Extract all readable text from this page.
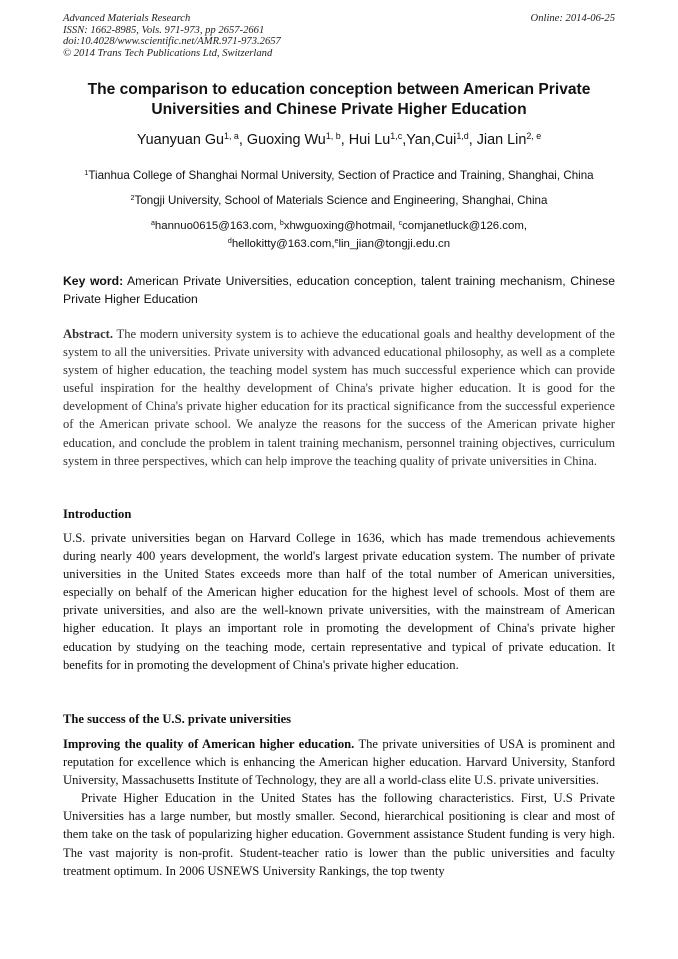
Advanced Materials Research
ISSN: 1662-8985, Vols. 971-973, pp 2657-2661
doi:10.4028/www.scientific.net/AMR.971-973.2657
© 2014 Trans Tech Publications Ltd, Switzerland
Online: 2014-06-25
The comparison to education conception between American Private
Universities and Chinese Private Higher Education
Yuanyuan Gu$^{1, a}$, Guoxing Wu$^{1, b}$, Hui Lu$^{1,c}$,Yan,Cui$^{1,d}$, Jian Lin$^{2, e}$
$^1$Tianhua College of Shanghai Normal University, Section of Practice and Training, Shanghai, China
$^2$Tongji University, School of Materials Science and Engineering, Shanghai, China
$^a$hannuo0615@163.com, $^b$xhwguoxing@hotmail, $^c$comjanetluck@126.com,
$^d$hellokitty@163.com,$^e$lin_jian@tongji.edu.cn
Key word: American Private Universities, education conception, talent training mechanism, Chinese Private Higher Education
Abstract. The modern university system is to achieve the educational goals and healthy development of the system to all the universities. Private university with advanced educational philosophy, as well as a complete system of higher education, the teaching model system has much successful experience which can provide useful inspiration for the healthy development of China's private higher education. It is good for the development of China's private higher education for its practical significance from the successful experience of the American private school. We analyze the reasons for the success of the American private higher education, and conclude the problem in talent training mechanism, personnel training objectives, curriculum system in three perspectives, which can help improve the teaching quality of private universities in China.
Introduction
U.S. private universities began on Harvard College in 1636, which has made tremendous achievements during nearly 400 years development, the world's largest private education system. The number of private universities in the United States exceeds more than half of the total number of American universities, especially on behalf of the American higher education for the highest level of schools. Most of them are private universities, and also are the well-known private universities, with the mainstream of American higher education. It plays an important role in promoting the development of China's private higher education by studying on the teaching mode, certain representative and typical of private education. It benefits for in promoting the development of China's private higher education.
The success of the U.S. private universities

Improving the quality of American higher education. The private universities of USA is prominent and reputation for excellence which is enhancing the American higher education. Harvard University, Stanford University, Massachusetts Institute of Technology, they are all a world-class elite U.S. private universities.

Private Higher Education in the United States has the following characteristics. First, U.S Private Universities has a large number, but mostly smaller. Second, hierarchical positioning is clear and most of them take on the task of popularizing higher education. Government assistance Student funding is very high. The vast majority is non-profit. Student-teacher ratio is lower than the public universities and faculty treatment optimum. In 2006 USNEWS University Rankings, the top twenty
